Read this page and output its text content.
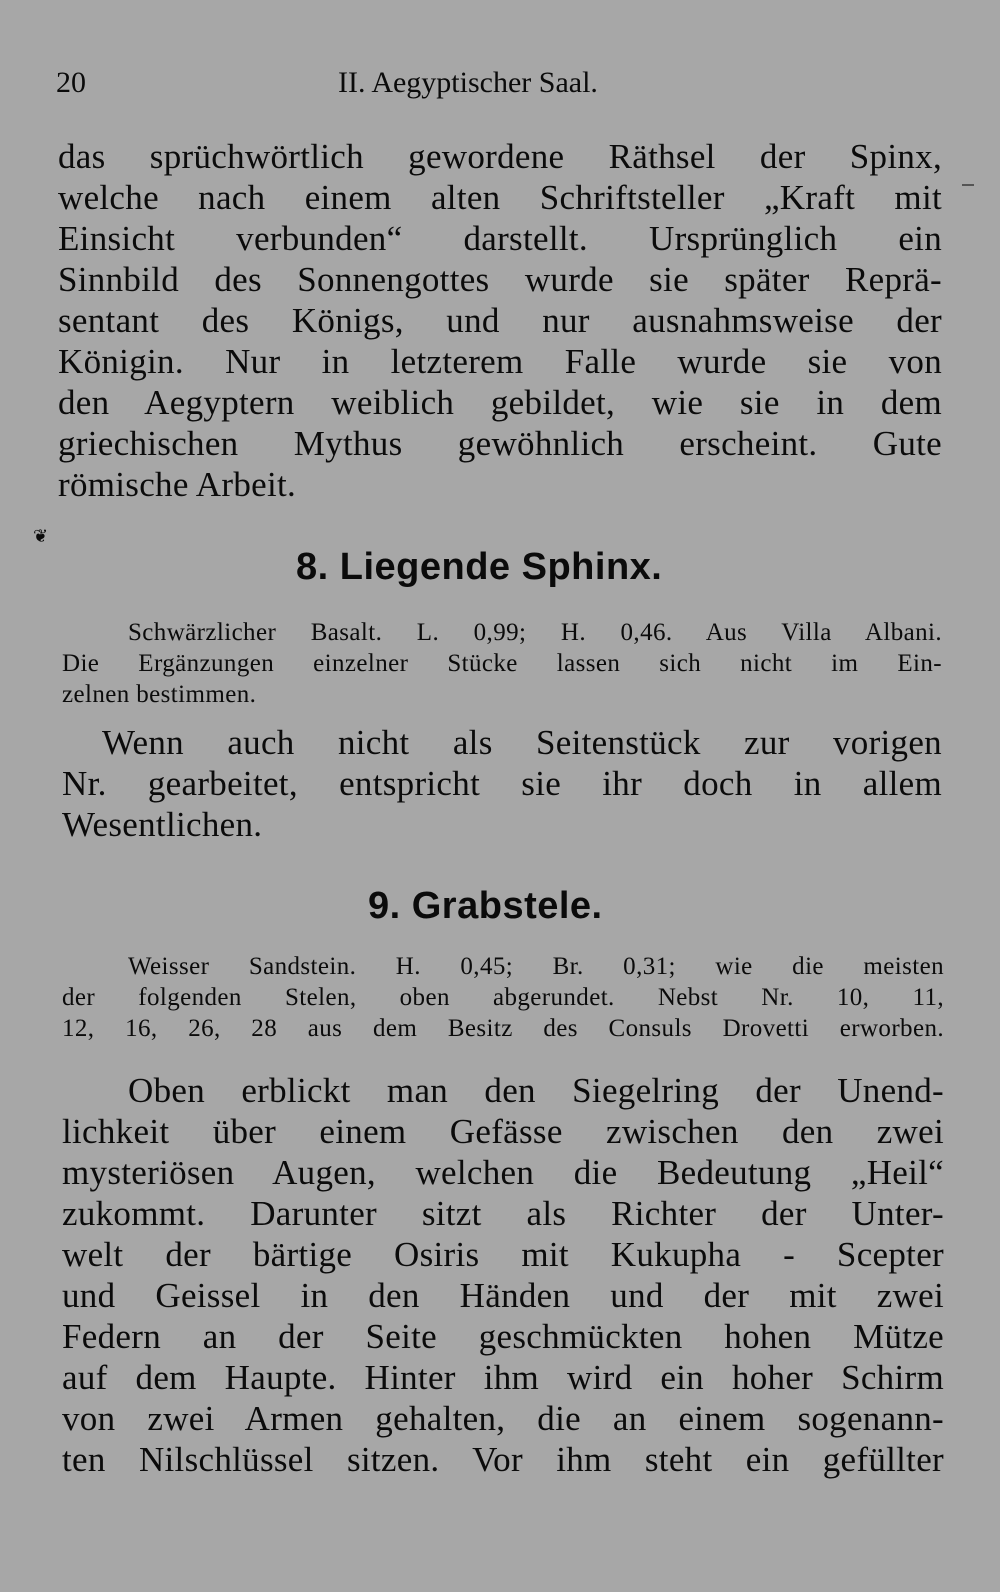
20	II. Aegyptischer Saal.
das sprüchwörtlich gewordene Räthsel der Spinx,
welche nach einem alten Schriftsteller „Kraft mit
Einsicht verbunden“ darstellt. Ursprünglich ein
Sinnbild des Sonnengottes wurde sie später Reprä-
sentant des Königs, und nur ausnahmsweise der
Königin. Nur in letzterem Falle wurde sie von
den Aegyptern weiblich gebildet, wie sie in dem
griechischen Mythus gewöhnlich erscheint. Gute
römische Arbeit.
❦
8. Liegende Sphinx.
Schwärzlicher Basalt. L. 0,99; H. 0,46. Aus Villa Albani.
Die Ergänzungen einzelner Stücke lassen sich nicht im Ein-
zelnen bestimmen.
Wenn auch nicht als Seitenstück zur vorigen
Nr. gearbeitet, entspricht sie ihr doch in allem
Wesentlichen.
9. Grabstele.
Weisser Sandstein. H. 0,45; Br. 0,31; wie die meisten
der folgenden Stelen, oben abgerundet. Nebst Nr. 10, 11,
12, 16, 26, 28 aus dem Besitz des Consuls Drovetti erworben.
Oben erblickt man den Siegelring der Unend-
lichkeit über einem Gefässe zwischen den zwei
mysteriösen Augen, welchen die Bedeutung „Heil“
zukommt. Darunter sitzt als Richter der Unter-
welt der bärtige Osiris mit Kukupha - Scepter
und Geissel in den Händen und der mit zwei
Federn an der Seite geschmückten hohen Mütze
auf dem Haupte. Hinter ihm wird ein hoher Schirm
von zwei Armen gehalten, die an einem sogenann-
ten Nilschlüssel sitzen. Vor ihm steht ein gefüllter
